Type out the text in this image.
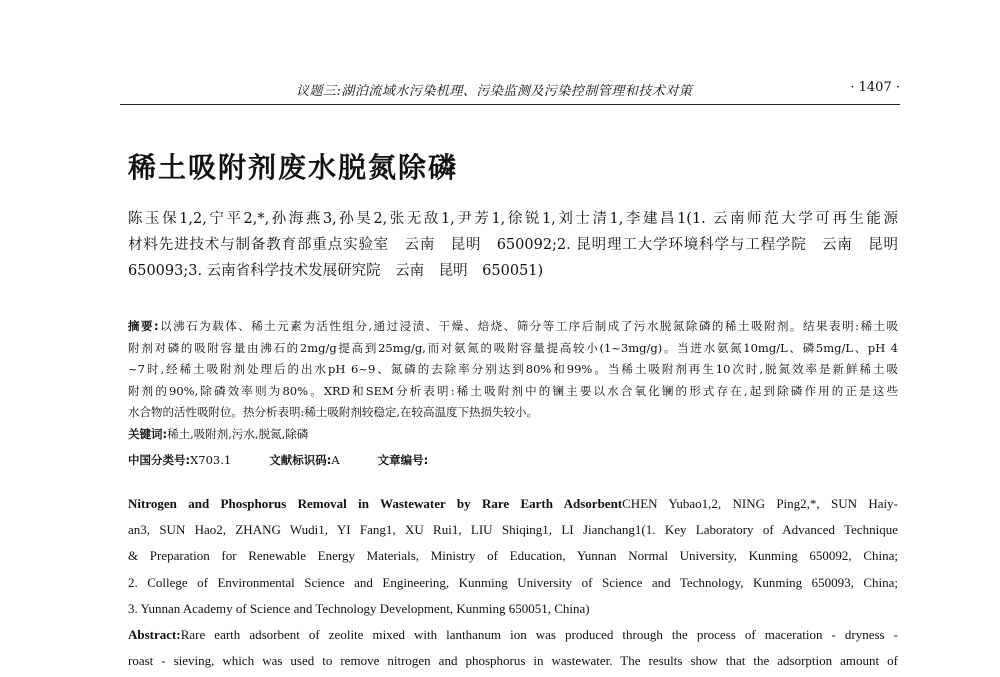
议题三:湖泊流域水污染机理、污染监测及污染控制管理和技术对策	· 1407 ·
稀土吸附剂废水脱氮除磷
陈玉保1,2,宁平2,*,孙海燕3,孙昊2,张无敌1,尹芳1,徐锐1,刘士清1,李建昌1(1. 云南师范大学可再生能源
材料先进技术与制备教育部重点实验室　云南　昆明　650092;2. 昆明理工大学环境科学与工程学院　云南　昆明
650093;3. 云南省科学技术发展研究院　云南　昆明　650051)
摘要:以沸石为载体、稀土元素为活性组分,通过浸渍、干燥、焙烧、筛分等工序后制成了污水脱氮除磷的稀土吸附剂。结果表明:稀土吸
附剂对磷的吸附容量由沸石的2mg/g提高到25mg/g,而对氨氮的吸附容量提高较小(1~3mg/g)。当进水氨氮10mg/L、磷5mg/L、pH 4
~7时,经稀土吸附剂处理后的出水pH 6~9、氮磷的去除率分别达到80%和99%。当稀土吸附剂再生10次时,脱氮效率是新鲜稀土吸
附剂的90%,除磷效率则为80%。XRD和SEM分析表明:稀土吸附剂中的镧主要以水合氧化镧的形式存在,起到除磷作用的正是这些
水合物的活性吸附位。热分析表明:稀土吸附剂较稳定,在较高温度下热损失较小。
关键词:稀土,吸附剂,污水,脱氮,除磷
中国分类号:X703.1	文献标识码:A	文章编号:
Nitrogen and Phosphorus Removal in Wastewater by Rare Earth AdsorbentCHEN Yubao1,2, NING Ping2,*, SUN Haiy-
an3, SUN Hao2, ZHANG Wudi1, YI Fang1, XU Rui1, LIU Shiqing1, LI Jianchang1(1. Key Laboratory of Advanced Technique
& Preparation for Renewable Energy Materials, Ministry of Education, Yunnan Normal University, Kunming 650092, China;
2. College of Environmental Science and Engineering, Kunming University of Science and Technology, Kunming 650093, China;
3. Yunnan Academy of Science and Technology Development, Kunming 650051, China)
Abstract:Rare earth adsorbent of zeolite mixed with lanthanum ion was produced through the process of maceration - dryness -
roast - sieving, which was used to remove nitrogen and phosphorus in wastewater. The results show that the adsorption amount of
